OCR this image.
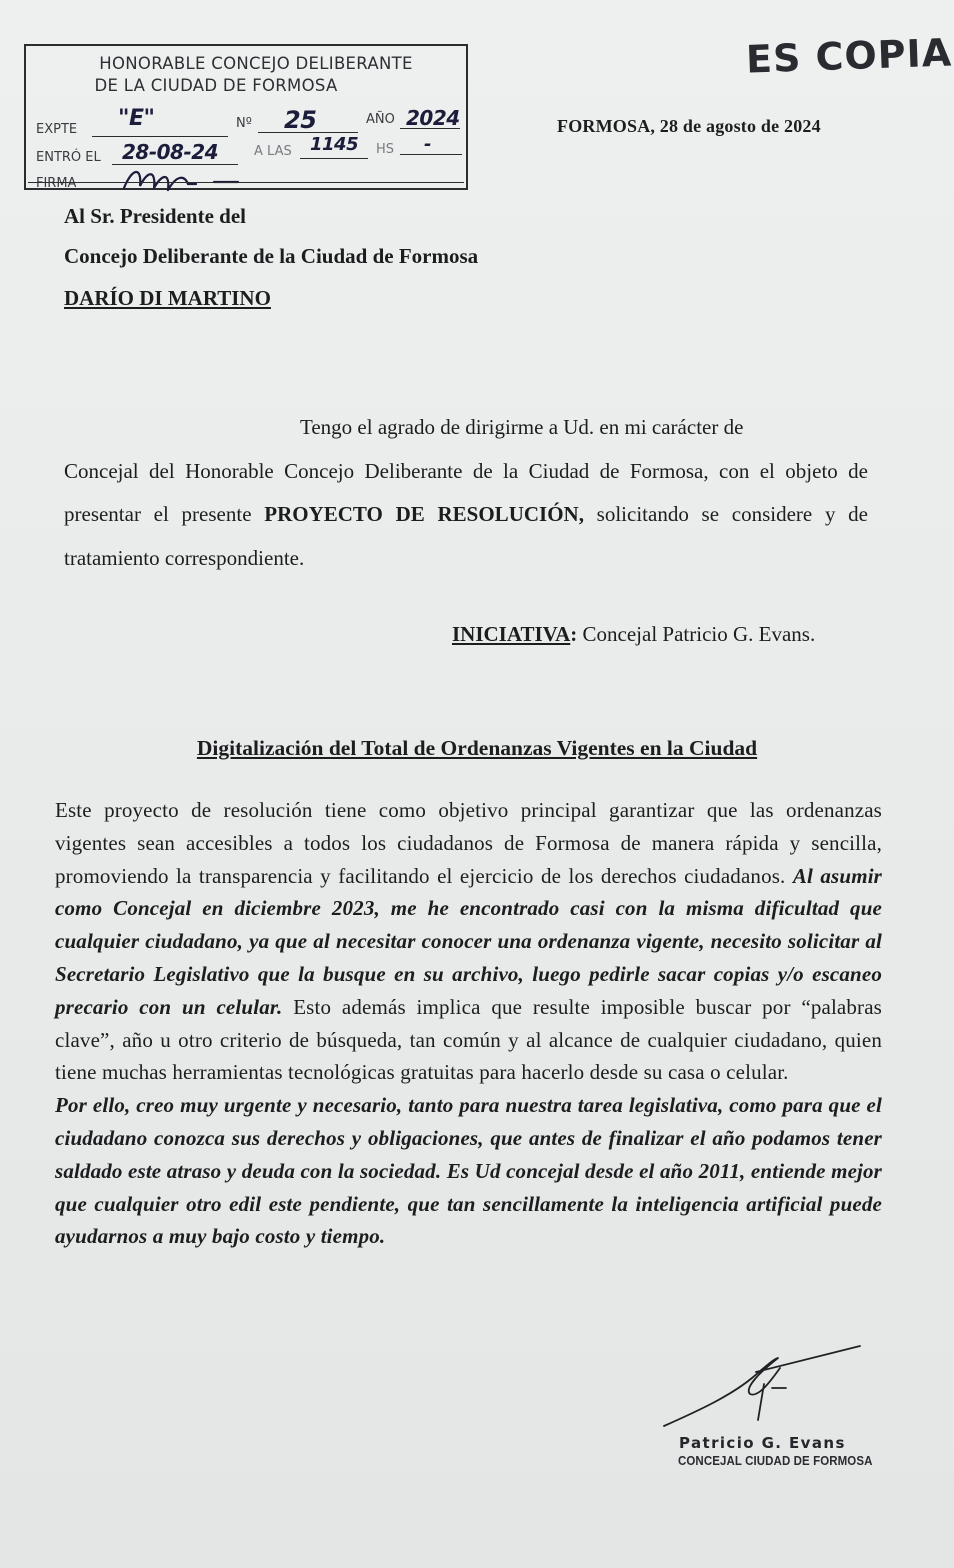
HONORABLE CONCEJO DELIBERANTE
DE LA CIUDAD DE FORMOSA
EXPTE "E"	Nº 25	AÑO 2024
ENTRÓ EL 28-08-24	A LAS 1145 HS -
FIRMA
ES COPIA
FORMOSA, 28 de agosto de 2024
Al Sr. Presidente del
Concejo Deliberante de la Ciudad de Formosa
DARÍO DI MARTINO
Tengo el agrado de dirigirme a Ud. en mi carácter de
Concejal del Honorable Concejo Deliberante de la Ciudad de Formosa, con el objeto de presentar el presente PROYECTO DE RESOLUCIÓN, solicitando se considere y de tratamiento correspondiente.
INICIATIVA: Concejal Patricio G. Evans.
Digitalización del Total de Ordenanzas Vigentes en la Ciudad
Este proyecto de resolución tiene como objetivo principal garantizar que las ordenanzas vigentes sean accesibles a todos los ciudadanos de Formosa de manera rápida y sencilla, promoviendo la transparencia y facilitando el ejercicio de los derechos ciudadanos. Al asumir como Concejal en diciembre 2023, me he encontrado casi con la misma dificultad que cualquier ciudadano, ya que al necesitar conocer una ordenanza vigente, necesito solicitar al Secretario Legislativo que la busque en su archivo, luego pedirle sacar copias y/o escaneo precario con un celular. Esto además implica que resulte imposible buscar por “palabras clave”, año u otro criterio de búsqueda, tan común y al alcance de cualquier ciudadano, quien tiene muchas herramientas tecnológicas gratuitas para hacerlo desde su casa o celular.
Por ello, creo muy urgente y necesario, tanto para nuestra tarea legislativa, como para que el ciudadano conozca sus derechos y obligaciones, que antes de finalizar el año podamos tener saldado este atraso y deuda con la sociedad. Es Ud concejal desde el año 2011, entiende mejor que cualquier otro edil este pendiente, que tan sencillamente la inteligencia artificial puede ayudarnos a muy bajo costo y tiempo.
Patricio G. Evans
CONCEJAL CIUDAD DE FORMOSA
